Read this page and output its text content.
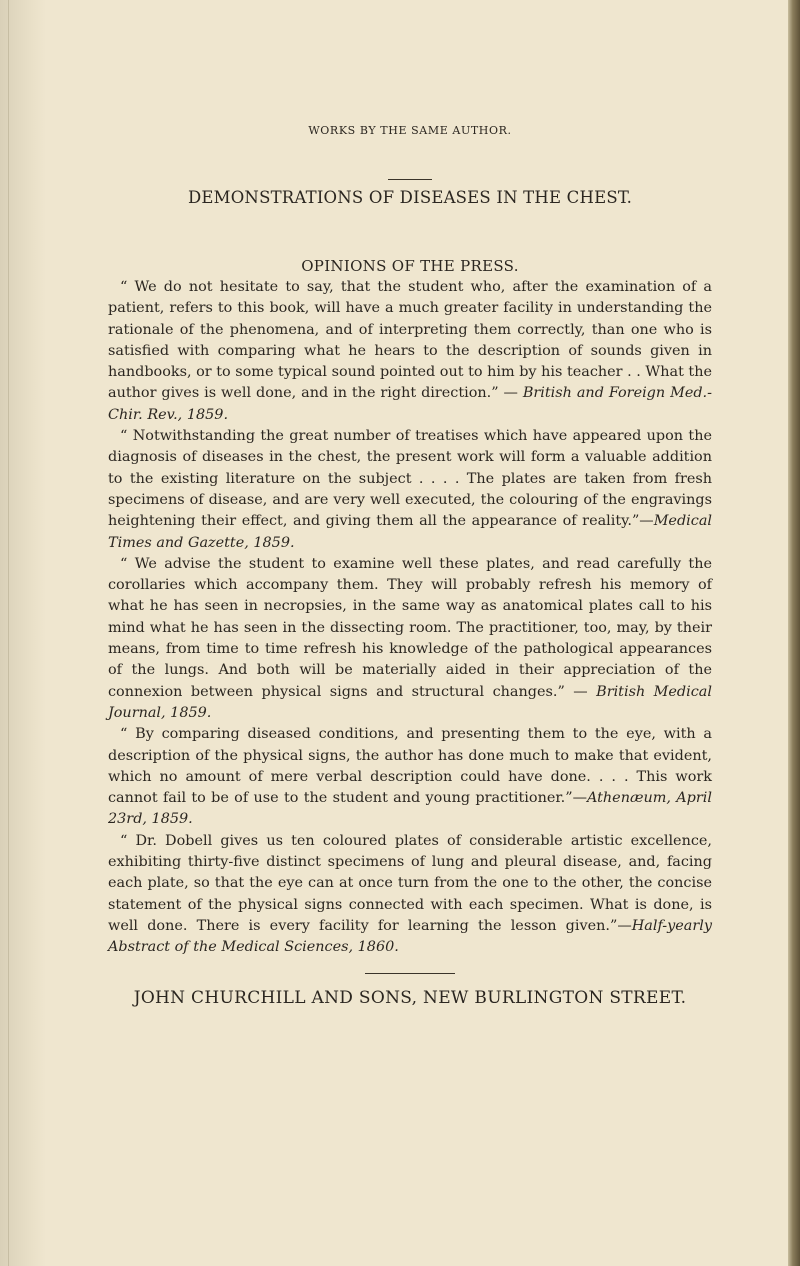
WORKS BY THE SAME AUTHOR.

DEMONSTRATIONS OF DISEASES IN THE CHEST.
OPINIONS OF THE PRESS.

“ We do not hesitate to say, that the student who, after the examination of a patient, refers to this book, will have a much greater facility in understanding the rationale of the phenomena, and of interpreting them correctly, than one who is satisfied with comparing what he hears to the description of sounds given in handbooks, or to some typical sound pointed out to him by his teacher . . What the author gives is well done, and in the right direction.” — British and Foreign Med.-Chir. Rev., 1859.

“ Notwithstanding the great number of treatises which have appeared upon the diagnosis of diseases in the chest, the present work will form a valuable addition to the existing literature on the subject . . . . The plates are taken from fresh specimens of disease, and are very well executed, the colouring of the engravings heightening their effect, and giving them all the appearance of reality.”—Medical Times and Gazette, 1859.

“ We advise the student to examine well these plates, and read carefully the corollaries which accompany them. They will probably refresh his memory of what he has seen in necropsies, in the same way as anatomical plates call to his mind what he has seen in the dissecting room. The practitioner, too, may, by their means, from time to time refresh his knowledge of the pathological appearances of the lungs. And both will be materially aided in their appreciation of the connexion between physical signs and structural changes.” — British Medical Journal, 1859.

“ By comparing diseased conditions, and presenting them to the eye, with a description of the physical signs, the author has done much to make that evident, which no amount of mere verbal description could have done. . . . This work cannot fail to be of use to the student and young practitioner.”—Athenæum, April 23rd, 1859.

“ Dr. Dobell gives us ten coloured plates of considerable artistic excellence, exhibiting thirty-five distinct specimens of lung and pleural disease, and, facing each plate, so that the eye can at once turn from the one to the other, the concise statement of the physical signs connected with each specimen. What is done, is well done. There is every facility for learning the lesson given.”—Half-yearly Abstract of the Medical Sciences, 1860.

JOHN CHURCHILL AND SONS, NEW BURLINGTON STREET.
